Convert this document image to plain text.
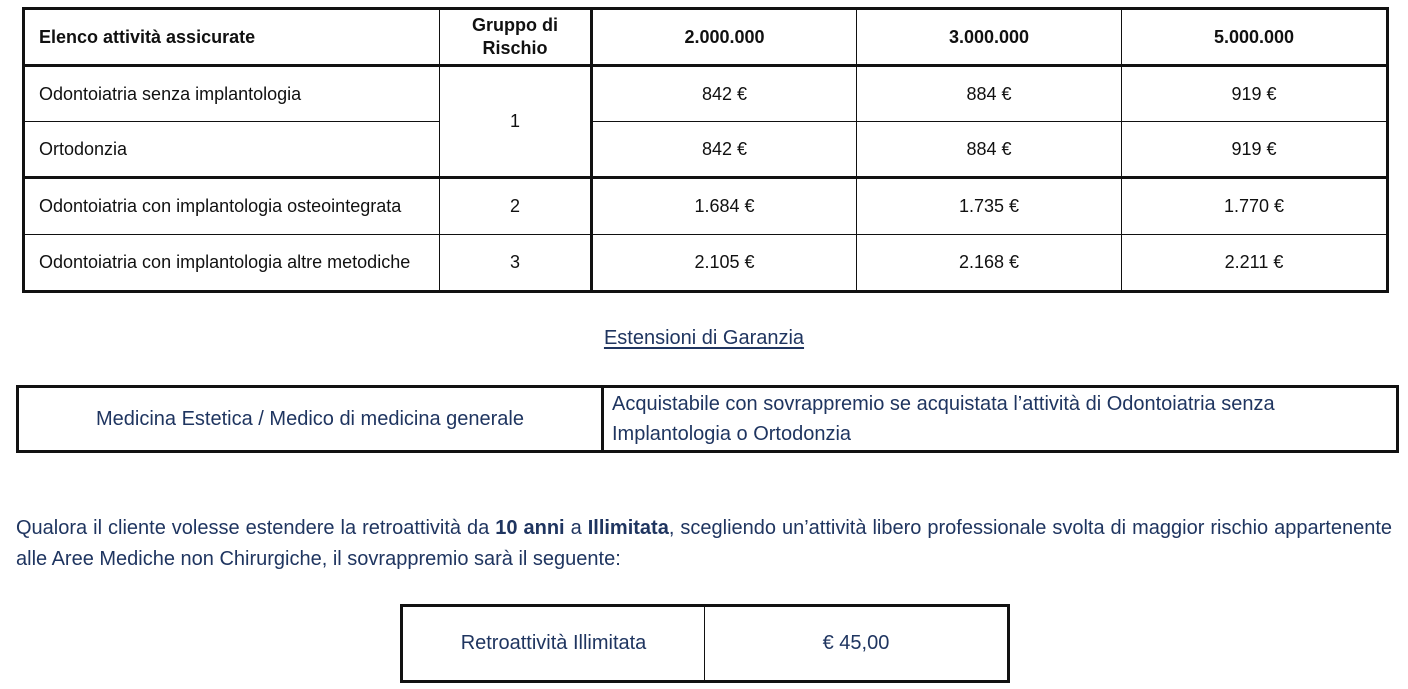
Elenco attività assicurate	Gruppo di Rischio	2.000.000	3.000.000	5.000.000
Odontoiatria senza implantologia	1	842 €	884 €	919 €
Ortodonzia		842 €	884 €	919 €
Odontoiatria con implantologia osteointegrata	2	1.684 €	1.735 €	1.770 €
Odontoiatria con implantologia altre metodiche	3	2.105 €	2.168 €	2.211 €
Estensioni di Garanzia
Medicina Estetica / Medico di medicina generale	Acquistabile con sovrappremio se acquistata l’attività di Odontoiatria senza Implantologia o Ortodonzia

Qualora il cliente volesse estendere la retroattività da 10 anni a Illimitata, scegliendo un’attività libero professionale svolta di maggior rischio appartenente alle Aree Mediche non Chirurgiche, il sovrappremio sarà il seguente:

Retroattività Illimitata	€ 45,00
